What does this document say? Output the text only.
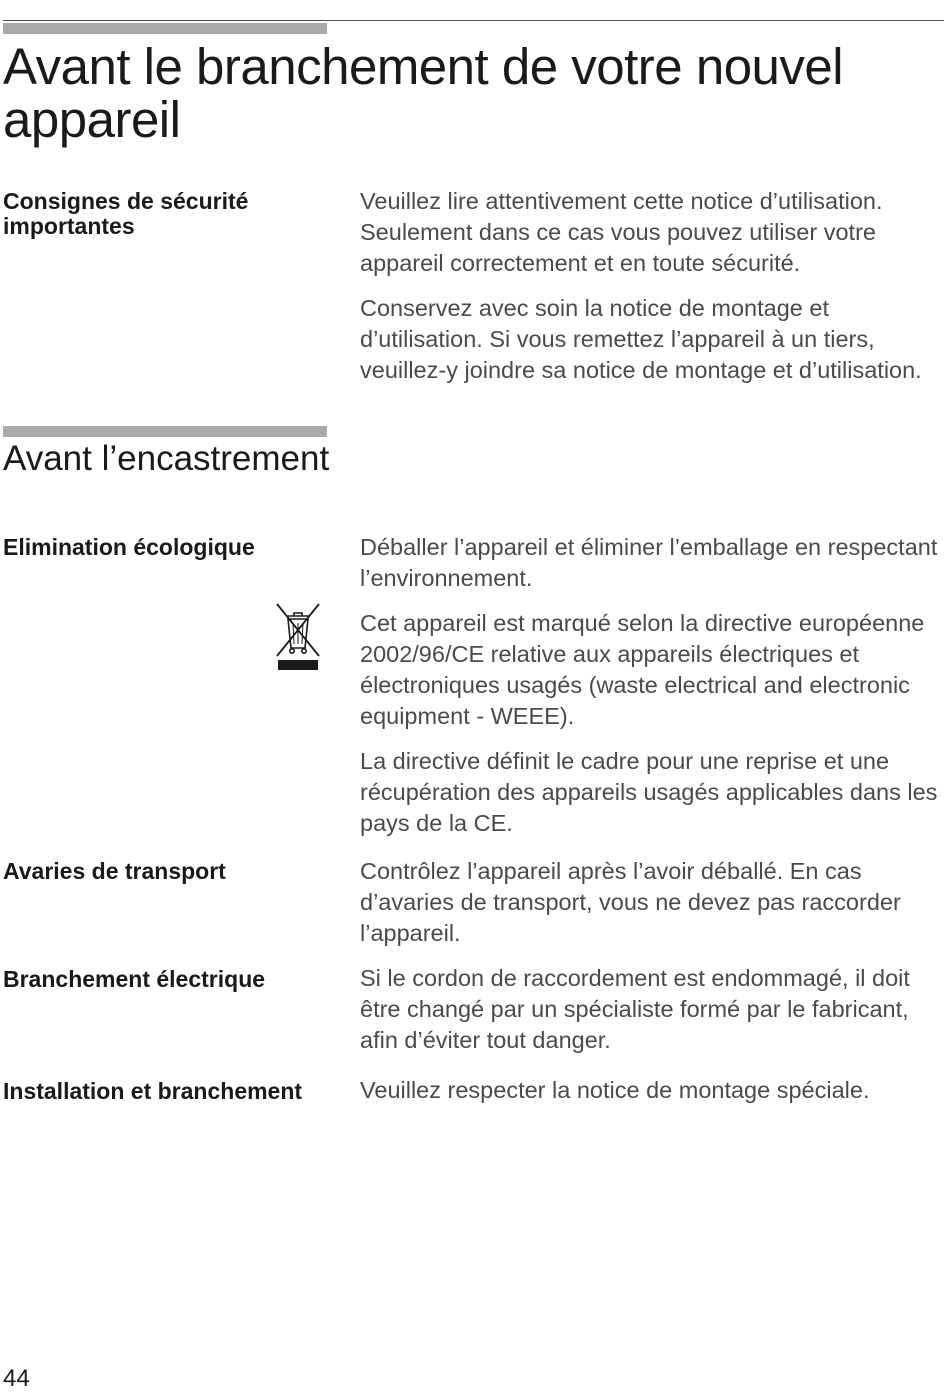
Avant le branchement de votre nouvel appareil
Consignes de sécurité importantes

Veuillez lire attentivement cette notice d’utilisation. Seulement dans ce cas vous pouvez utiliser votre appareil correctement et en toute sécurité.

Conservez avec soin la notice de montage et d’utilisation. Si vous remettez l’appareil à un tiers, veuillez-y joindre sa notice de montage et d’utilisation.

Avant l’encastrement
Elimination écologique	Déballer l’appareil et éliminer l’emballage en respectant l’environnement.

Cet appareil est marqué selon la directive européenne 2002/96/CE relative aux appareils électriques et électroniques usagés (waste electrical and electronic equipment - WEEE).

La directive définit le cadre pour une reprise et une récupération des appareils usagés applicables dans les pays de la CE.

Avaries de transport	Contrôlez l’appareil après l’avoir déballé. En cas d’avaries de transport, vous ne devez pas raccorder l’appareil.

Branchement électrique	Si le cordon de raccordement est endommagé, il doit être changé par un spécialiste formé par le fabricant, afin d’éviter tout danger.

Installation et branchement	Veuillez respecter la notice de montage spéciale.

44
